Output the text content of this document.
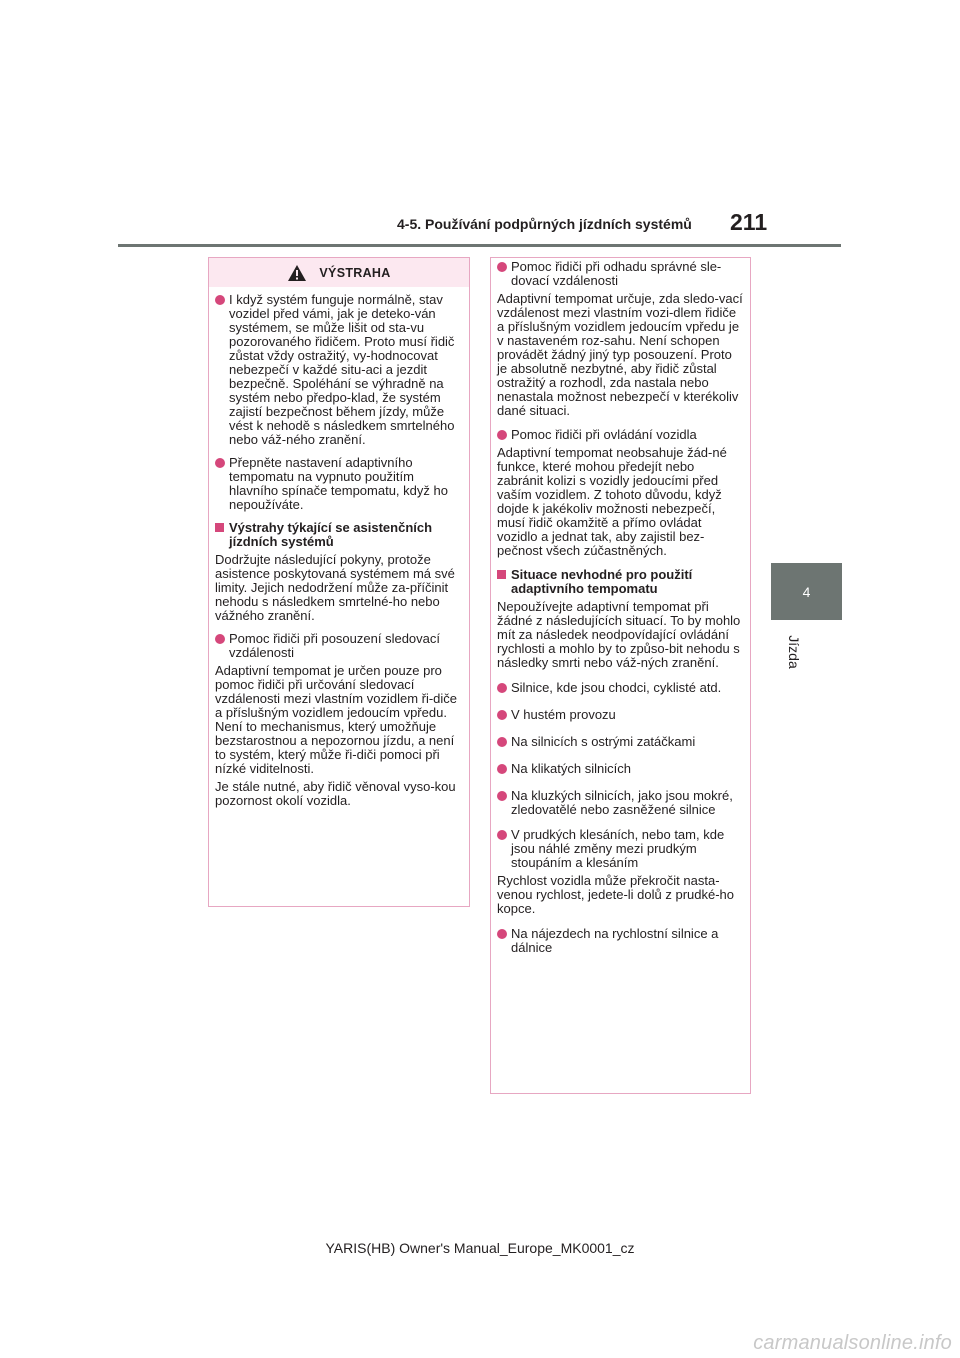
4-5. Používání podpůrných jízdních systémů 211
4
Jízda
VÝSTRAHA
I když systém funguje normálně, stav vozidel před vámi, jak je deteko-ván systémem, se může lišit od sta-vu pozorovaného řidičem. Proto musí řidič zůstat vždy ostražitý, vy-hodnocovat nebezpečí v každé situ-aci a jezdit bezpečně. Spoléhání se výhradně na systém nebo předpo-klad, že systém zajistí bezpečnost během jízdy, může vést k nehodě s následkem smrtelného nebo váž-ného zranění.
Přepněte nastavení adaptivního tempomatu na vypnuto použitím hlavního spínače tempomatu, když ho nepoužíváte.
Výstrahy týkající se asistenčních jízdních systémů
Dodržujte následující pokyny, protože asistence poskytovaná systémem má své limity. Jejich nedodržení může za-příčinit nehodu s následkem smrtelné-ho nebo vážného zranění.
Pomoc řidiči při posouzení sledovací vzdálenosti
Adaptivní tempomat je určen pouze pro pomoc řidiči při určování sledovací vzdálenosti mezi vlastním vozidlem ři-diče a příslušným vozidlem jedoucím vpředu. Není to mechanismus, který umožňuje bezstarostnou a nepozornou jízdu, a není to systém, který může ři-diči pomoci při nízké viditelnosti.
Je stále nutné, aby řidič věnoval vyso-kou pozornost okolí vozidla.
Pomoc řidiči při odhadu správné sle-dovací vzdálenosti
Adaptivní tempomat určuje, zda sledo-vací vzdálenost mezi vlastním vozi-dlem řidiče a příslušným vozidlem jedoucím vpředu je v nastaveném roz-sahu. Není schopen provádět žádný jiný typ posouzení. Proto je absolutně nezbytné, aby řidič zůstal ostražitý a rozhodl, zda nastala nebo nenastala možnost nebezpečí v kterékoliv dané situaci.
Pomoc řidiči při ovládání vozidla
Adaptivní tempomat neobsahuje žád-né funkce, které mohou předejít nebo zabránit kolizi s vozidly jedoucími před vaším vozidlem. Z tohoto důvodu, když dojde k jakékoliv možnosti nebezpečí, musí řidič okamžitě a přímo ovládat vozidlo a jednat tak, aby zajistil bez-pečnost všech zúčastněných.
Situace nevhodné pro použití adaptivního tempomatu
Nepoužívejte adaptivní tempomat při žádné z následujících situací. To by mohlo mít za následek neodpovídající ovládání rychlosti a mohlo by to způso-bit nehodu s následky smrti nebo váž-ných zranění.
Silnice, kde jsou chodci, cyklisté atd.
V hustém provozu
Na silnicích s ostrými zatáčkami
Na klikatých silnicích
Na kluzkých silnicích, jako jsou mokré, zledovatělé nebo zasněžené silnice
V prudkých klesáních, nebo tam, kde jsou náhlé změny mezi prudkým stoupáním a klesáním
Rychlost vozidla může překročit nasta-venou rychlost, jedete-li dolů z prudké-ho kopce.
Na nájezdech na rychlostní silnice a dálnice
YARIS(HB) Owner's Manual_Europe_MK0001_cz
carmanualsonline.info
